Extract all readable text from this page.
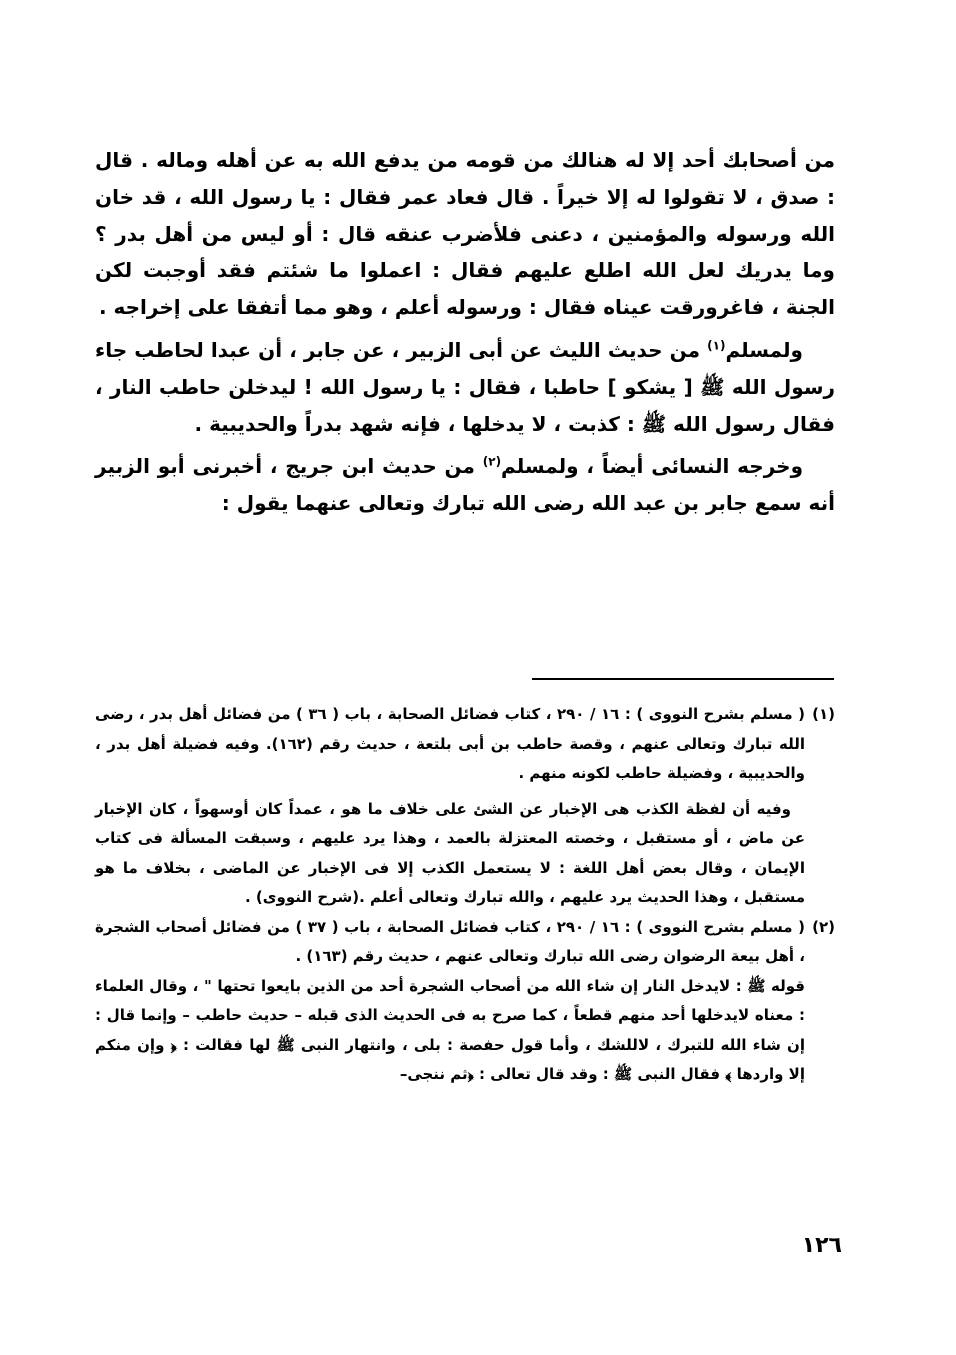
من أصحابك أحد إلا له هنالك من قومه من يدفع الله به عن أهله وماله . قال : صدق ، لا تقولوا له إلا خيراً . قال فعاد عمر فقال : يا رسول الله ، قد خان الله ورسوله والمؤمنين ، دعنى فلأضرب عنقه قال : أو ليس من أهل بدر ؟ وما يدريك لعل الله اطلع عليهم فقال : اعملوا ما شئتم فقد أوجبت لكن الجنة ، فاغرورقت عيناه فقال : ورسوله أعلم ، وهو مما أتفقا على إخراجه .

ولمسلم$^{(١)}$ من حديث الليث عن أبى الزبير ، عن جابر ، أن عبدا لحاطب جاء رسول الله ﷺ [ يشكو ] حاطبا ، فقال : يا رسول الله ! ليدخلن حاطب النار ، فقال رسول الله ﷺ : كذبت ، لا يدخلها ، فإنه شهد بدراً والحديبية .

وخرجه النسائى أيضاً ، ولمسلم$^{(٢)}$ من حديث ابن جريج ، أخبرنى أبو الزبير أنه سمع جابر بن عبد الله رضى الله تبارك وتعالى عنهما يقول :

(١)

( مسلم بشرح النووى ) : ١٦ / ٢٩٠ ، كتاب فضائل الصحابة ، باب ( ٣٦ ) من فضائل أهل بدر ، رضى الله تبارك وتعالى عنهم ، وقصة حاطب بن أبى بلتعة ، حديث رقم (١٦٢). وفيه فضيلة أهل بدر ، والحديبية ، وفضيلة حاطب لكونه منهم .

وفيه أن لفظة الكذب هى الإخبار عن الشئ على خلاف ما هو ، عمداً كان أوسهواً ، كان الإخبار عن ماض ، أو مستقبل ، وخصته المعتزلة بالعمد ، وهذا يرد عليهم ، وسبقت المسألة فى كتاب الإيمان ، وقال بعض أهل اللغة : لا يستعمل الكذب إلا فى الإخبار عن الماضى ، بخلاف ما هو مستقبل ، وهذا الحديث يرد عليهم ، والله تبارك وتعالى أعلم .(شرح النووى) .

(٢)

( مسلم بشرح النووى ) : ١٦ / ٢٩٠ ، كتاب فضائل الصحابة ، باب ( ٣٧ ) من فضائل أصحاب الشجرة ، أهل بيعة الرضوان رضى الله تبارك وتعالى عنهم ، حديث رقم (١٦٣) .

قوله ﷺ : لايدخل النار إن شاء الله من أصحاب الشجرة أحد من الذين بايعوا تحتها " ، وقال العلماء : معناه لايدخلها أحد منهم قطعاً ، كما صرح به فى الحديث الذى قبله – حديث حاطب – وإنما قال : إن شاء الله للتبرك ، لاللشك ، وأما قول حفصة : بلى ، وانتهار النبى ﷺ لها فقالت : ﴿ وإن منكم إلا واردها ﴾ فقال النبى ﷺ : وقد قال تعالى : ﴿ثم ننجى–

١٢٦
